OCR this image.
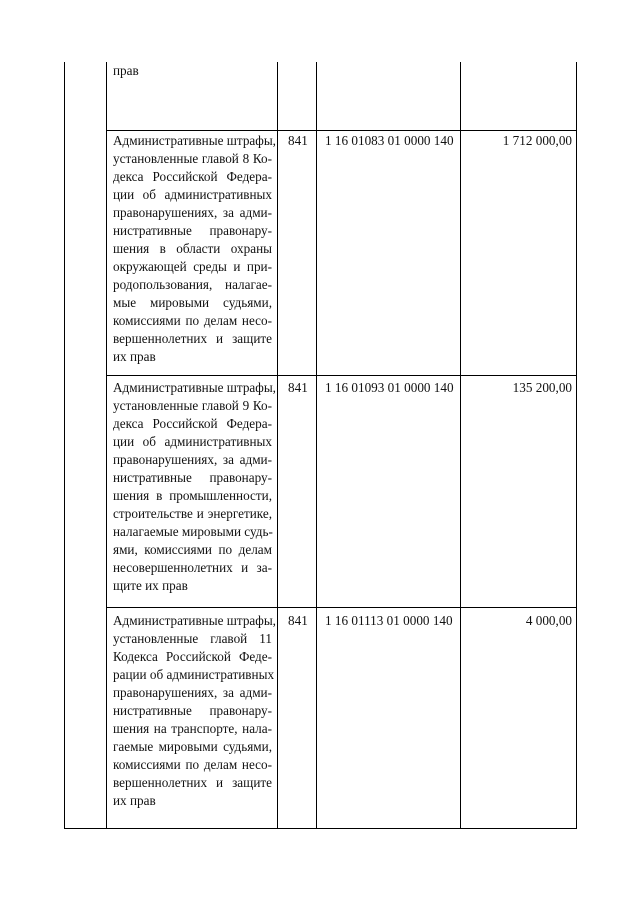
прав
Административные штрафы,
установленные главой 8 Ко-
декса Российской Федера-
ции об административных
правонарушениях, за адми-
нистративные правонару-
шения в области охраны
окружающей среды и при-
родопользования, налагае-
мые мировыми судьями,
комиссиями по делам несо-
вершеннолетних и защите
их прав
841	1 16 01083 01 0000 140	1 712 000,00
Административные штрафы,
установленные главой 9 Ко-
декса Российской Федера-
ции об административных
правонарушениях, за адми-
нистративные правонару-
шения в промышленности,
строительстве и энергетике,
налагаемые мировыми судь-
ями, комиссиями по делам
несовершеннолетних и за-
щите их прав
841	1 16 01093 01 0000 140	135 200,00
Административные штрафы,
установленные главой 11
Кодекса Российской Федe-
рации об административных
правонарушениях, за адми-
нистративные правонару-
шения на транспорте, нала-
гаемые мировыми судьями,
комиссиями по делам несо-
вершеннолетних и защите
их прав
841	1 16 01113 01 0000 140	4 000,00
